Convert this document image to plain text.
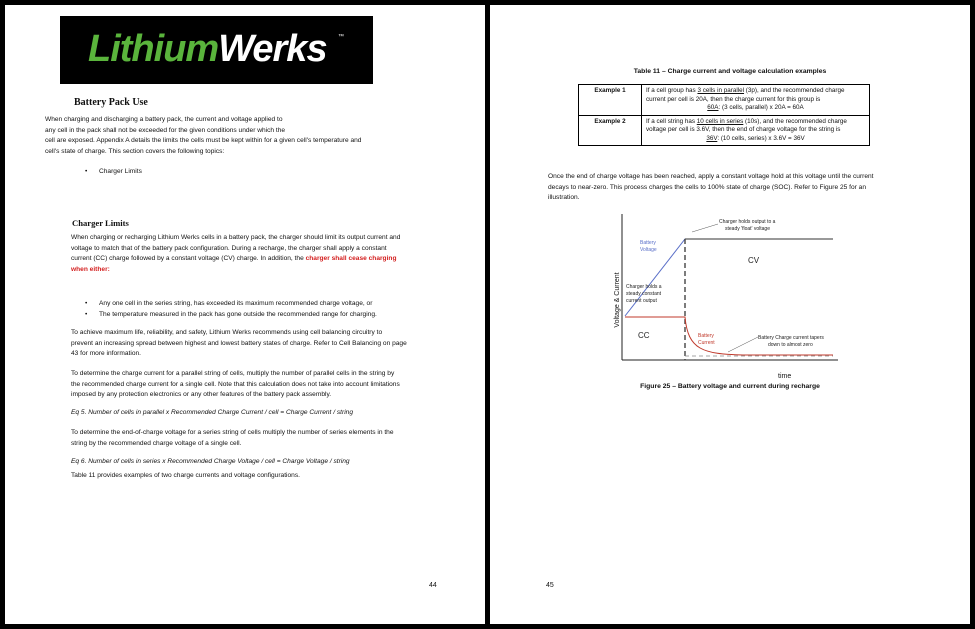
LithiumWerks ™
Battery Pack Use
When charging and discharging a battery pack, the current and voltage applied to
any cell in the pack shall not be exceeded for the given conditions under which the
cell are exposed. Appendix A details the limits the cells must be kept within for a given cell's temperature and
cell's state of charge. This section covers the following topics:
• Charger Limits
Charger Limits
When charging or recharging Lithium Werks cells in a battery pack, the charger should limit its output current and
voltage to match that of the battery pack configuration. During a recharge, the charger shall apply a constant
current (CC) charge followed by a constant voltage (CV) charge. In addition, the charger shall cease charging
when either:
• Any one cell in the series string, has exceeded its maximum recommended charge voltage, or
• The temperature measured in the pack has gone outside the recommended range for charging.
To achieve maximum life, reliability, and safety, Lithium Werks recommends using cell balancing circuitry to
prevent an increasing spread between highest and lowest battery states of charge. Refer to Cell Balancing on page
43 for more information.
To determine the charge current for a parallel string of cells, multiply the number of parallel cells in the string by
the recommended charge current for a single cell. Note that this calculation does not take into account limitations
imposed by any protection electronics or any other features of the battery pack assembly.
Eq 5. Number of cells in parallel x Recommended Charge Current / cell = Charge Current / string
To determine the end-of-charge voltage for a series string of cells multiply the number of series elements in the
string by the recommended charge voltage of a single cell.
Eq 6. Number of cells in series x Recommended Charge Voltage / cell = Charge Voltage / string
Table 11 provides examples of two charge currents and voltage configurations.
44
Table 11 – Charge current and voltage calculation examples
Example 1	If a cell group has 3 cells in parallel (3p), and the recommended charge
current per cell is 20A, then the charge current for this group is

60A: (3 cells, parallel) x 20A = 60A

Example 2	If a cell string has 10 cells in series (10s), and the recommended charge
voltage per cell is 3.6V, then the end of charge voltage for the string is

36V: (10 cells, series) x 3.6V = 36V
Once the end of charge voltage has been reached, apply a constant voltage hold at this voltage until the current
decays to near-zero. This process charges the cells to 100% state of charge (SOC). Refer to Figure 25 for an
illustration.
Voltage & Current
time
Battery Voltage
Charger holds output to a steady 'float' voltage
CV
Charger holds a steady constant current output
CC	Battery Current
Battery Charge current tapers down to almost zero
Figure 25 – Battery voltage and current during recharge
45
